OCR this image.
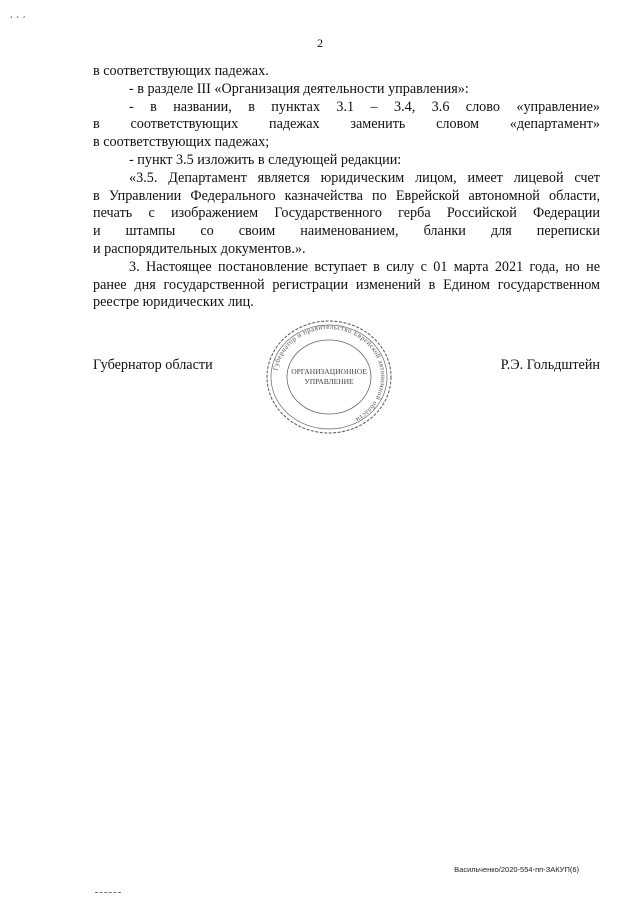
ˎ ˎ ˏ
2

в соответствующих падежах.

- в разделе III «Организация деятельности управления»:

- в названии, в пунктах 3.1 – 3.4, 3.6 слово «управление»

в соответствующих падежах заменить словом «департамент»

в соответствующих падежах;

- пункт 3.5 изложить в следующей редакции:

«3.5. Департамент является юридическим лицом, имеет лицевой счет

в Управлении Федерального казначейства по Еврейской автономной области,

печать с изображением Государственного герба Российской Федерации

и штампы со своим наименованием, бланки для переписки

и распорядительных документов.».

3. Настоящее постановление вступает в силу с 01 марта 2021 года, но не

ранее дня государственной регистрации изменений в Едином государственном

реестре юридических лиц.

Губернатор области	Губернатор и правительство Еврейской автономной области
ОРГАНИЗАЦИОННОЕ
УПРАВЛЕНИЕ
Р.Э. Гольдштейн
Васильченко/2020-554-пп-ЗАКУП(6)
